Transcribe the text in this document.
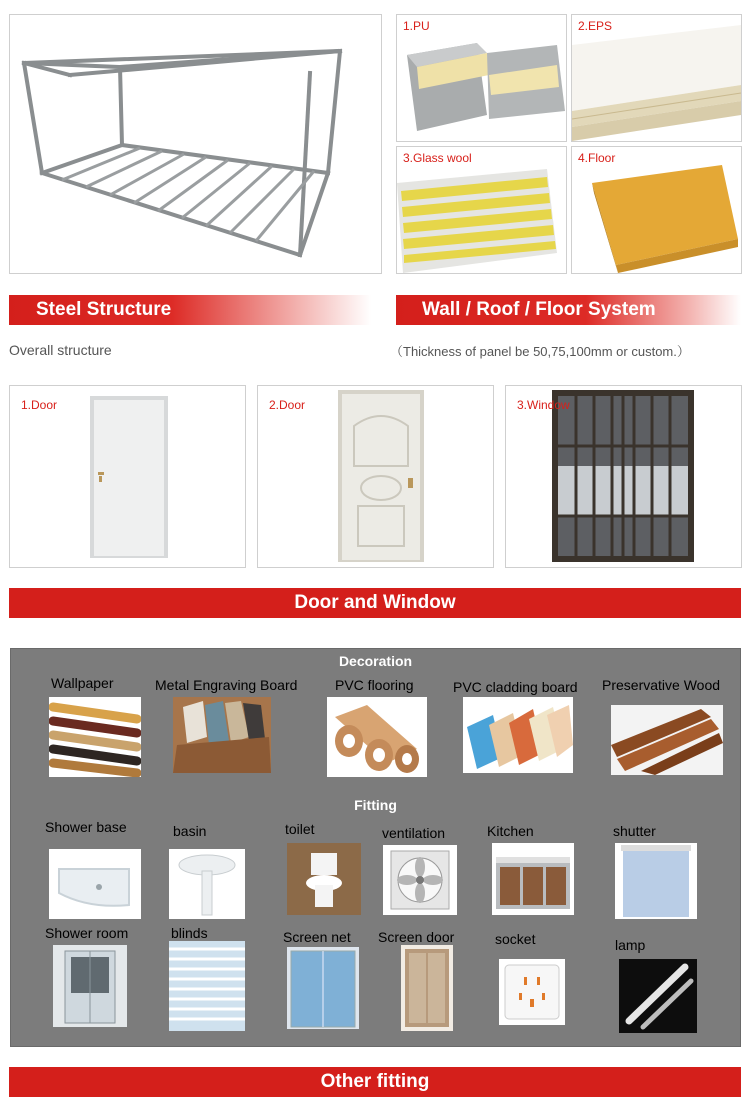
Steel Structure
Overall structure
1.PU	2.EPS
3.Glass wool	4.Floor
Wall / Roof / Floor System
（Thickness of panel be 50,75,100mm or custom.）
1.Door	2.Door	3.Window
Door and Window
Decoration
Wallpaper	Metal Engraving Board	PVC flooring	PVC cladding board Preservative Wood
Fitting
Shower base	basin	toilet	ventilation	Kitchen	shutter
Shower room	blinds	Screen net Screen door	socket	lamp
Other fitting
